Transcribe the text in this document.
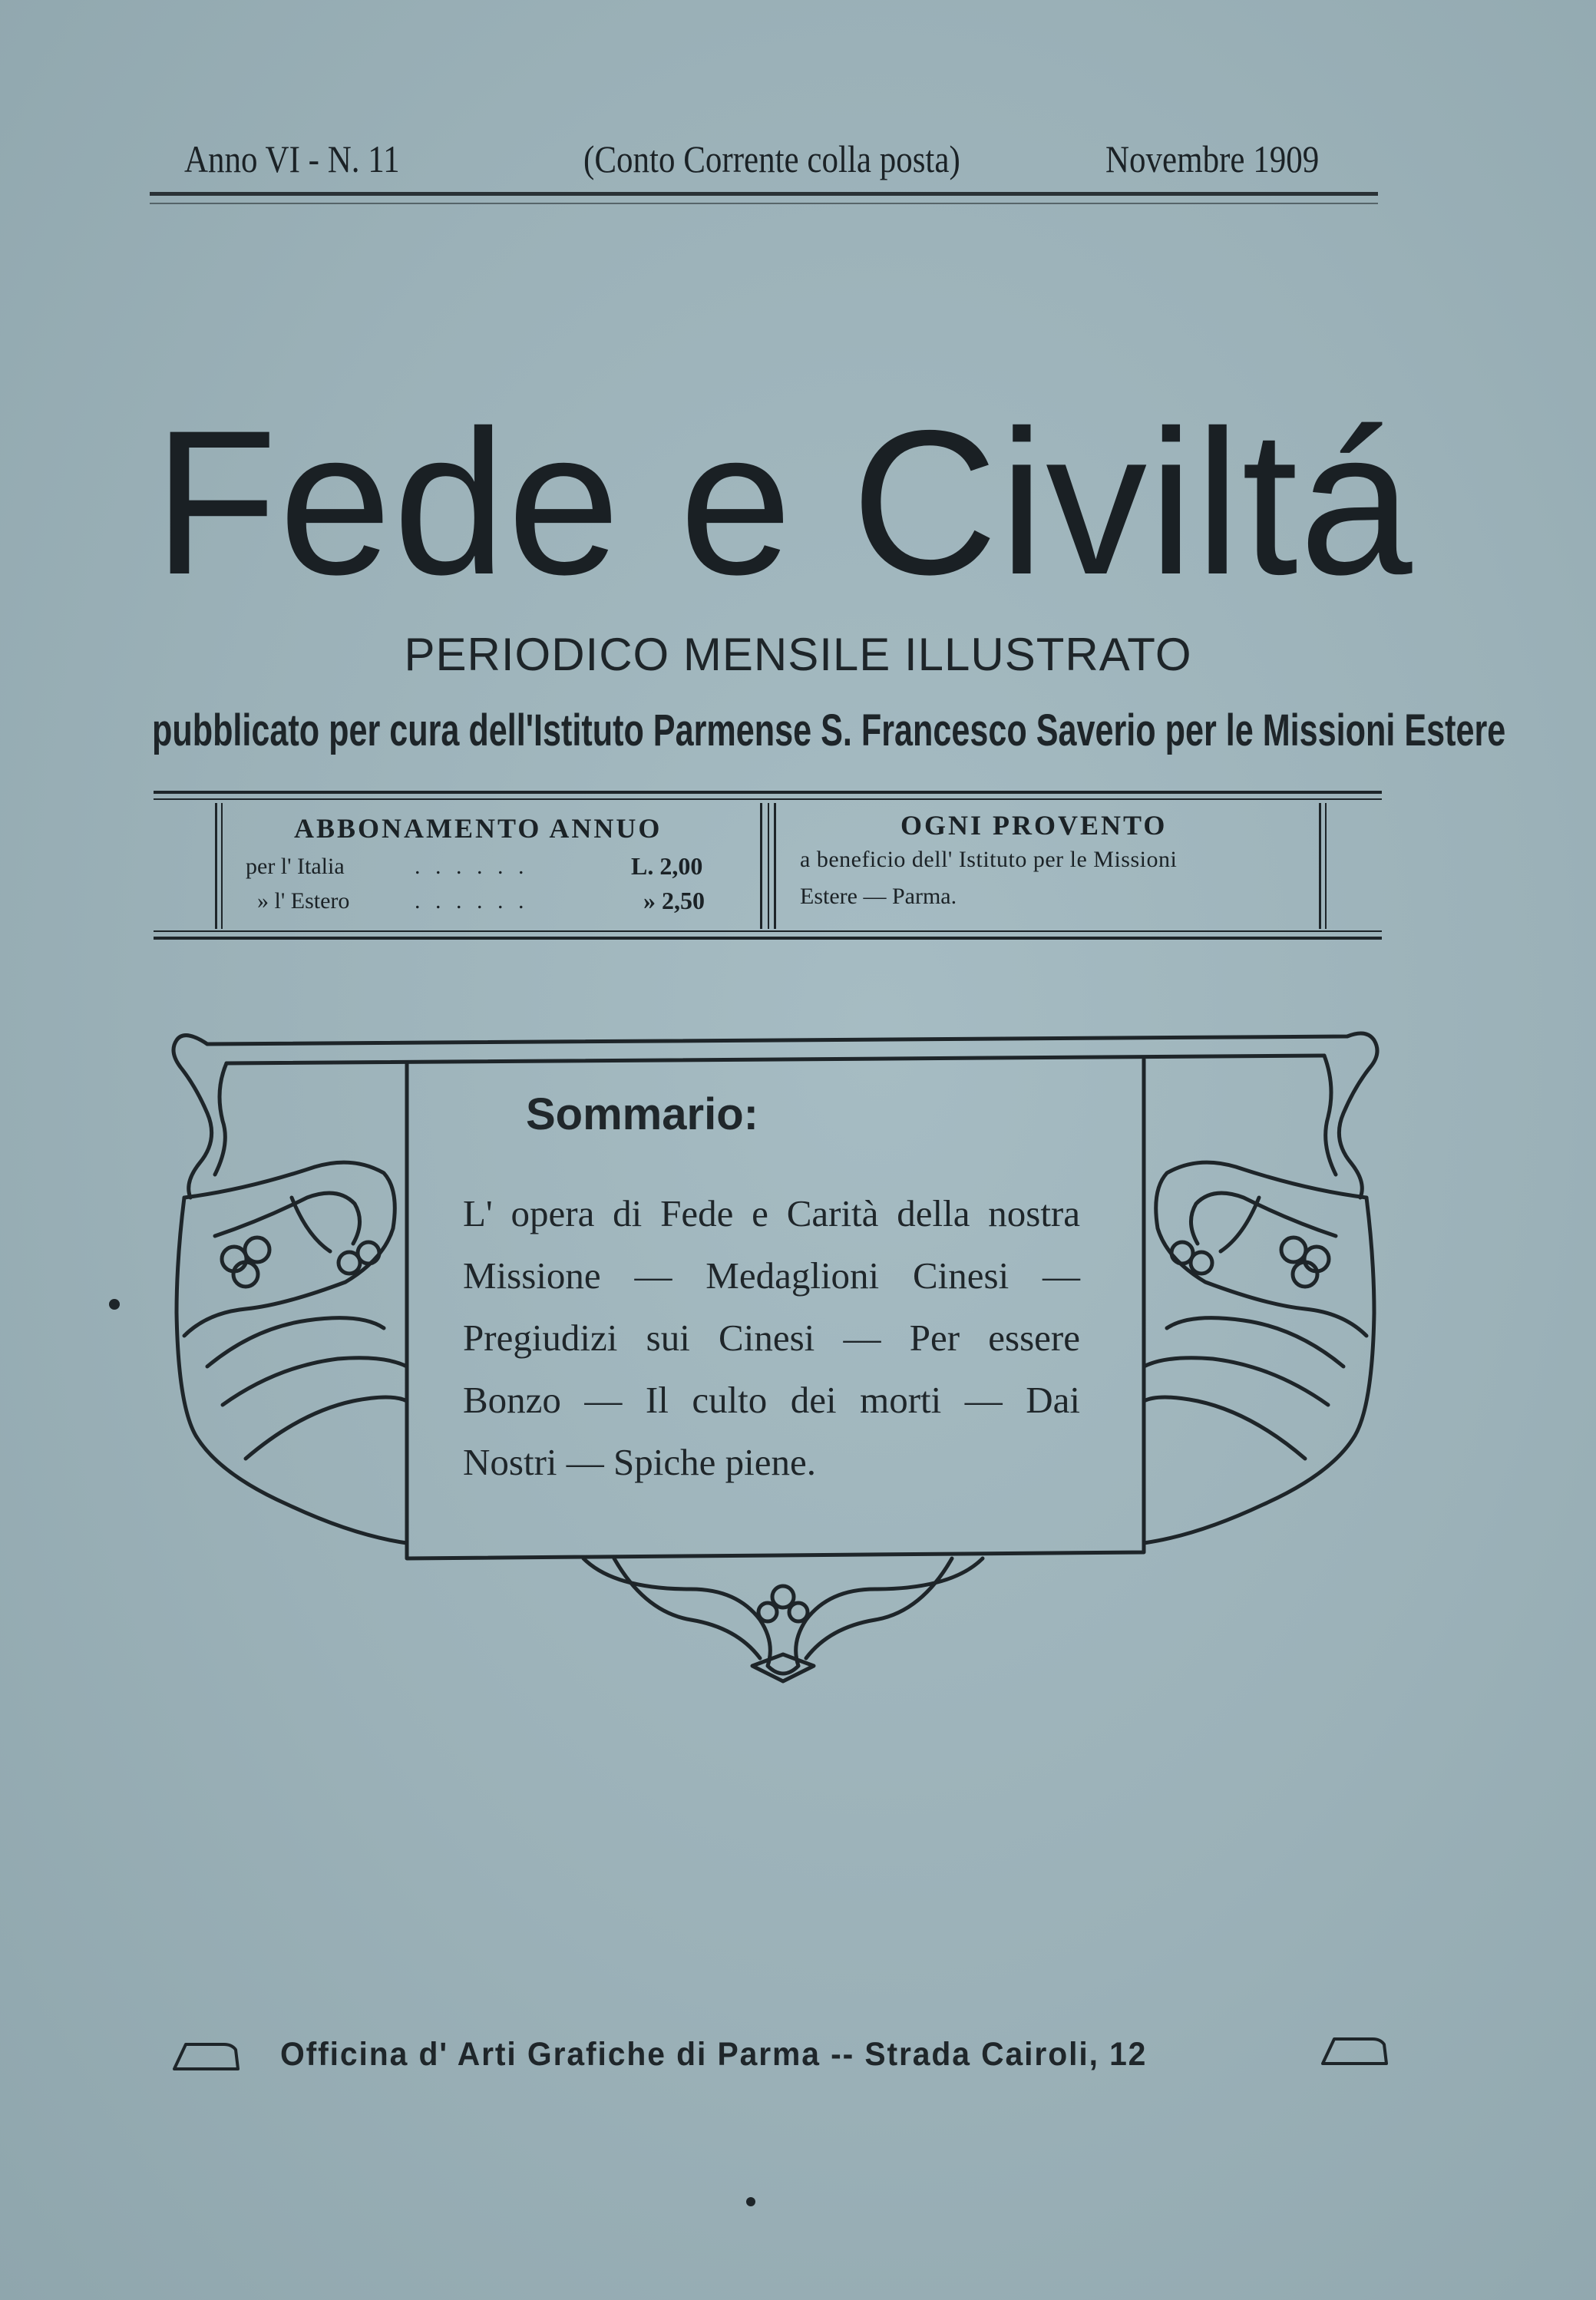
Anno VI - N. 11	(Conto Corrente colla posta)	Novembre 1909
Fede e Civiltá
PERIODICO MENSILE ILLUSTRATO
pubblicato per cura dell'Istituto Parmense S. Francesco Saverio per le Missioni Estere
ABBONAMENTO ANNUO
per l' Italia	. . . . . .	L. 2,00
» l' Estero	. . . . . .	» 2,50
OGNI PROVENTO
a beneficio dell' Istituto per le Missioni
Estere — Parma.
Sommario:
L' opera di Fede e Carità della nostra Missione — Medaglioni Cinesi — Pregiudizi sui Cinesi — Per essere Bonzo — Il culto dei morti — Dai Nostri — Spiche piene.
Officina d' Arti Grafiche di Parma -- Strada Cairoli, 12
